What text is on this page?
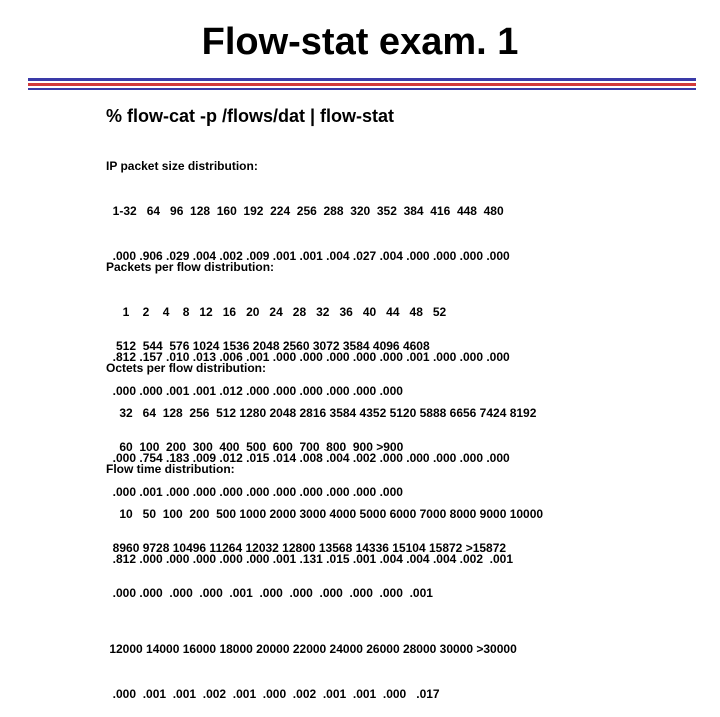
Flow-stat exam. 1
% flow-cat -p /flows/dat | flow-stat

IP packet size distribution:

1-32   64   96  128  160  192  224  256  288  320  352  384  416  448  480

.000 .906 .029 .004 .002 .009 .001 .001 .004 .027 .004 .000 .000 .000 .000

512  544  576 1024 1536 2048 2560 3072 3584 4096 4608

.000 .000 .001 .001 .012 .000 .000 .000 .000 .000 .000

Packets per flow distribution:

1    2    4    8   12   16   20   24   28   32   36   40   44   48   52

.812 .157 .010 .013 .006 .001 .000 .000 .000 .000 .000 .001 .000 .000 .000

60  100  200  300  400  500  600  700  800  900 >900

.000 .001 .000 .000 .000 .000 .000 .000 .000 .000 .000

Octets per flow distribution:

32   64  128  256  512 1280 2048 2816 3584 4352 5120 5888 6656 7424 8192

.000 .754 .183 .009 .012 .015 .014 .008 .004 .002 .000 .000 .000 .000 .000

8960 9728 10496 11264 12032 12800 13568 14336 15104 15872 >15872

.000 .000  .000  .000  .001  .000  .000  .000  .000  .000  .001

Flow time distribution:

10   50  100  200  500 1000 2000 3000 4000 5000 6000 7000 8000 9000 10000

.812 .000 .000 .000 .000 .000 .001 .131 .015 .001 .004 .004 .004 .002  .001

12000 14000 16000 18000 20000 22000 24000 26000 28000 30000 >30000

.000  .001  .001  .002  .001  .000  .002  .001  .001  .000   .017
